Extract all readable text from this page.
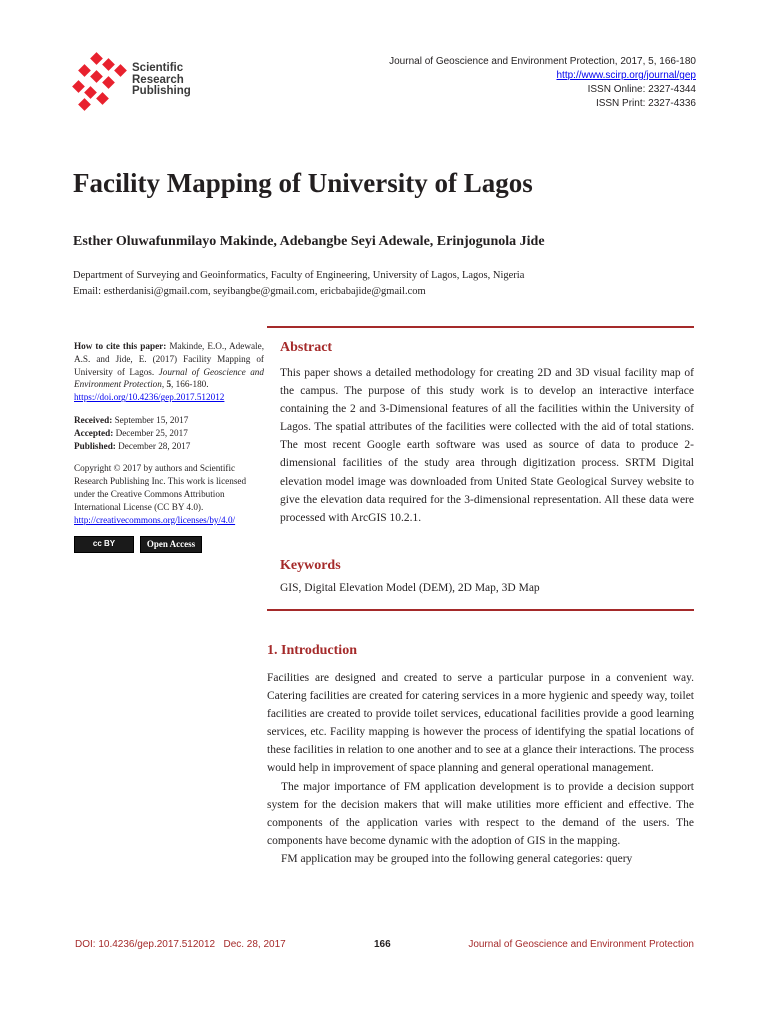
Scientific
Research
Publishing
Journal of Geoscience and Environment Protection, 2017, 5, 166-180
http://www.scirp.org/journal/gep
ISSN Online: 2327-4344
ISSN Print: 2327-4336
Facility Mapping of University of Lagos
Esther Oluwafunmilayo Makinde, Adebangbe Seyi Adewale, Erinjogunola Jide
Department of Surveying and Geoinformatics, Faculty of Engineering, University of Lagos, Lagos, Nigeria
Email: estherdanisi@gmail.com, seyibangbe@gmail.com, ericbabajide@gmail.com
How to cite this paper: Makinde, E.O., Adewale, A.S. and Jide, E. (2017) Facility Mapping of University of Lagos. Journal of Geoscience and Environment Protection, 5, 166-180.
https://doi.org/10.4236/gep.2017.512012
Received: September 15, 2017
Accepted: December 25, 2017
Published: December 28, 2017
Copyright © 2017 by authors and Scientific Research Publishing Inc. This work is licensed under the Creative Commons Attribution International License (CC BY 4.0).
http://creativecommons.org/licenses/by/4.0/
cc BY	Open Access
Abstract
This paper shows a detailed methodology for creating 2D and 3D visual facility map of the campus. The purpose of this study work is to develop an interactive interface containing the 2 and 3-Dimensional features of all the facilities within the University of Lagos. The spatial attributes of the facilities were collected with the aid of total stations. The most recent Google earth software was used as source of data to produce 2-dimensional facilities of the study area through digitization process. SRTM Digital elevation model image was downloaded from United State Geological Survey website to give the elevation data required for the 3-dimensional representation. All these data were processed with ArcGIS 10.2.1.
Keywords
GIS, Digital Elevation Model (DEM), 2D Map, 3D Map
1. Introduction

Facilities are designed and created to serve a particular purpose in a convenient way. Catering facilities are created for catering services in a more hygienic and speedy way, toilet facilities are created to provide toilet services, educational facilities provide a good learning services, etc. Facility mapping is however the process of identifying the spatial locations of these facilities in relation to one another and to see at a glance their interactions. The process would help in improvement of space planning and general operational management.

The major importance of FM application development is to provide a decision support system for the decision makers that will make utilities more efficient and effective. The components of the application varies with respect to the demand of the users. The components have become dynamic with the adoption of GIS in the mapping.

FM application may be grouped into the following general categories: query

DOI: 10.4236/gep.2017.512012 Dec. 28, 2017	166	Journal of Geoscience and Environment Protection
